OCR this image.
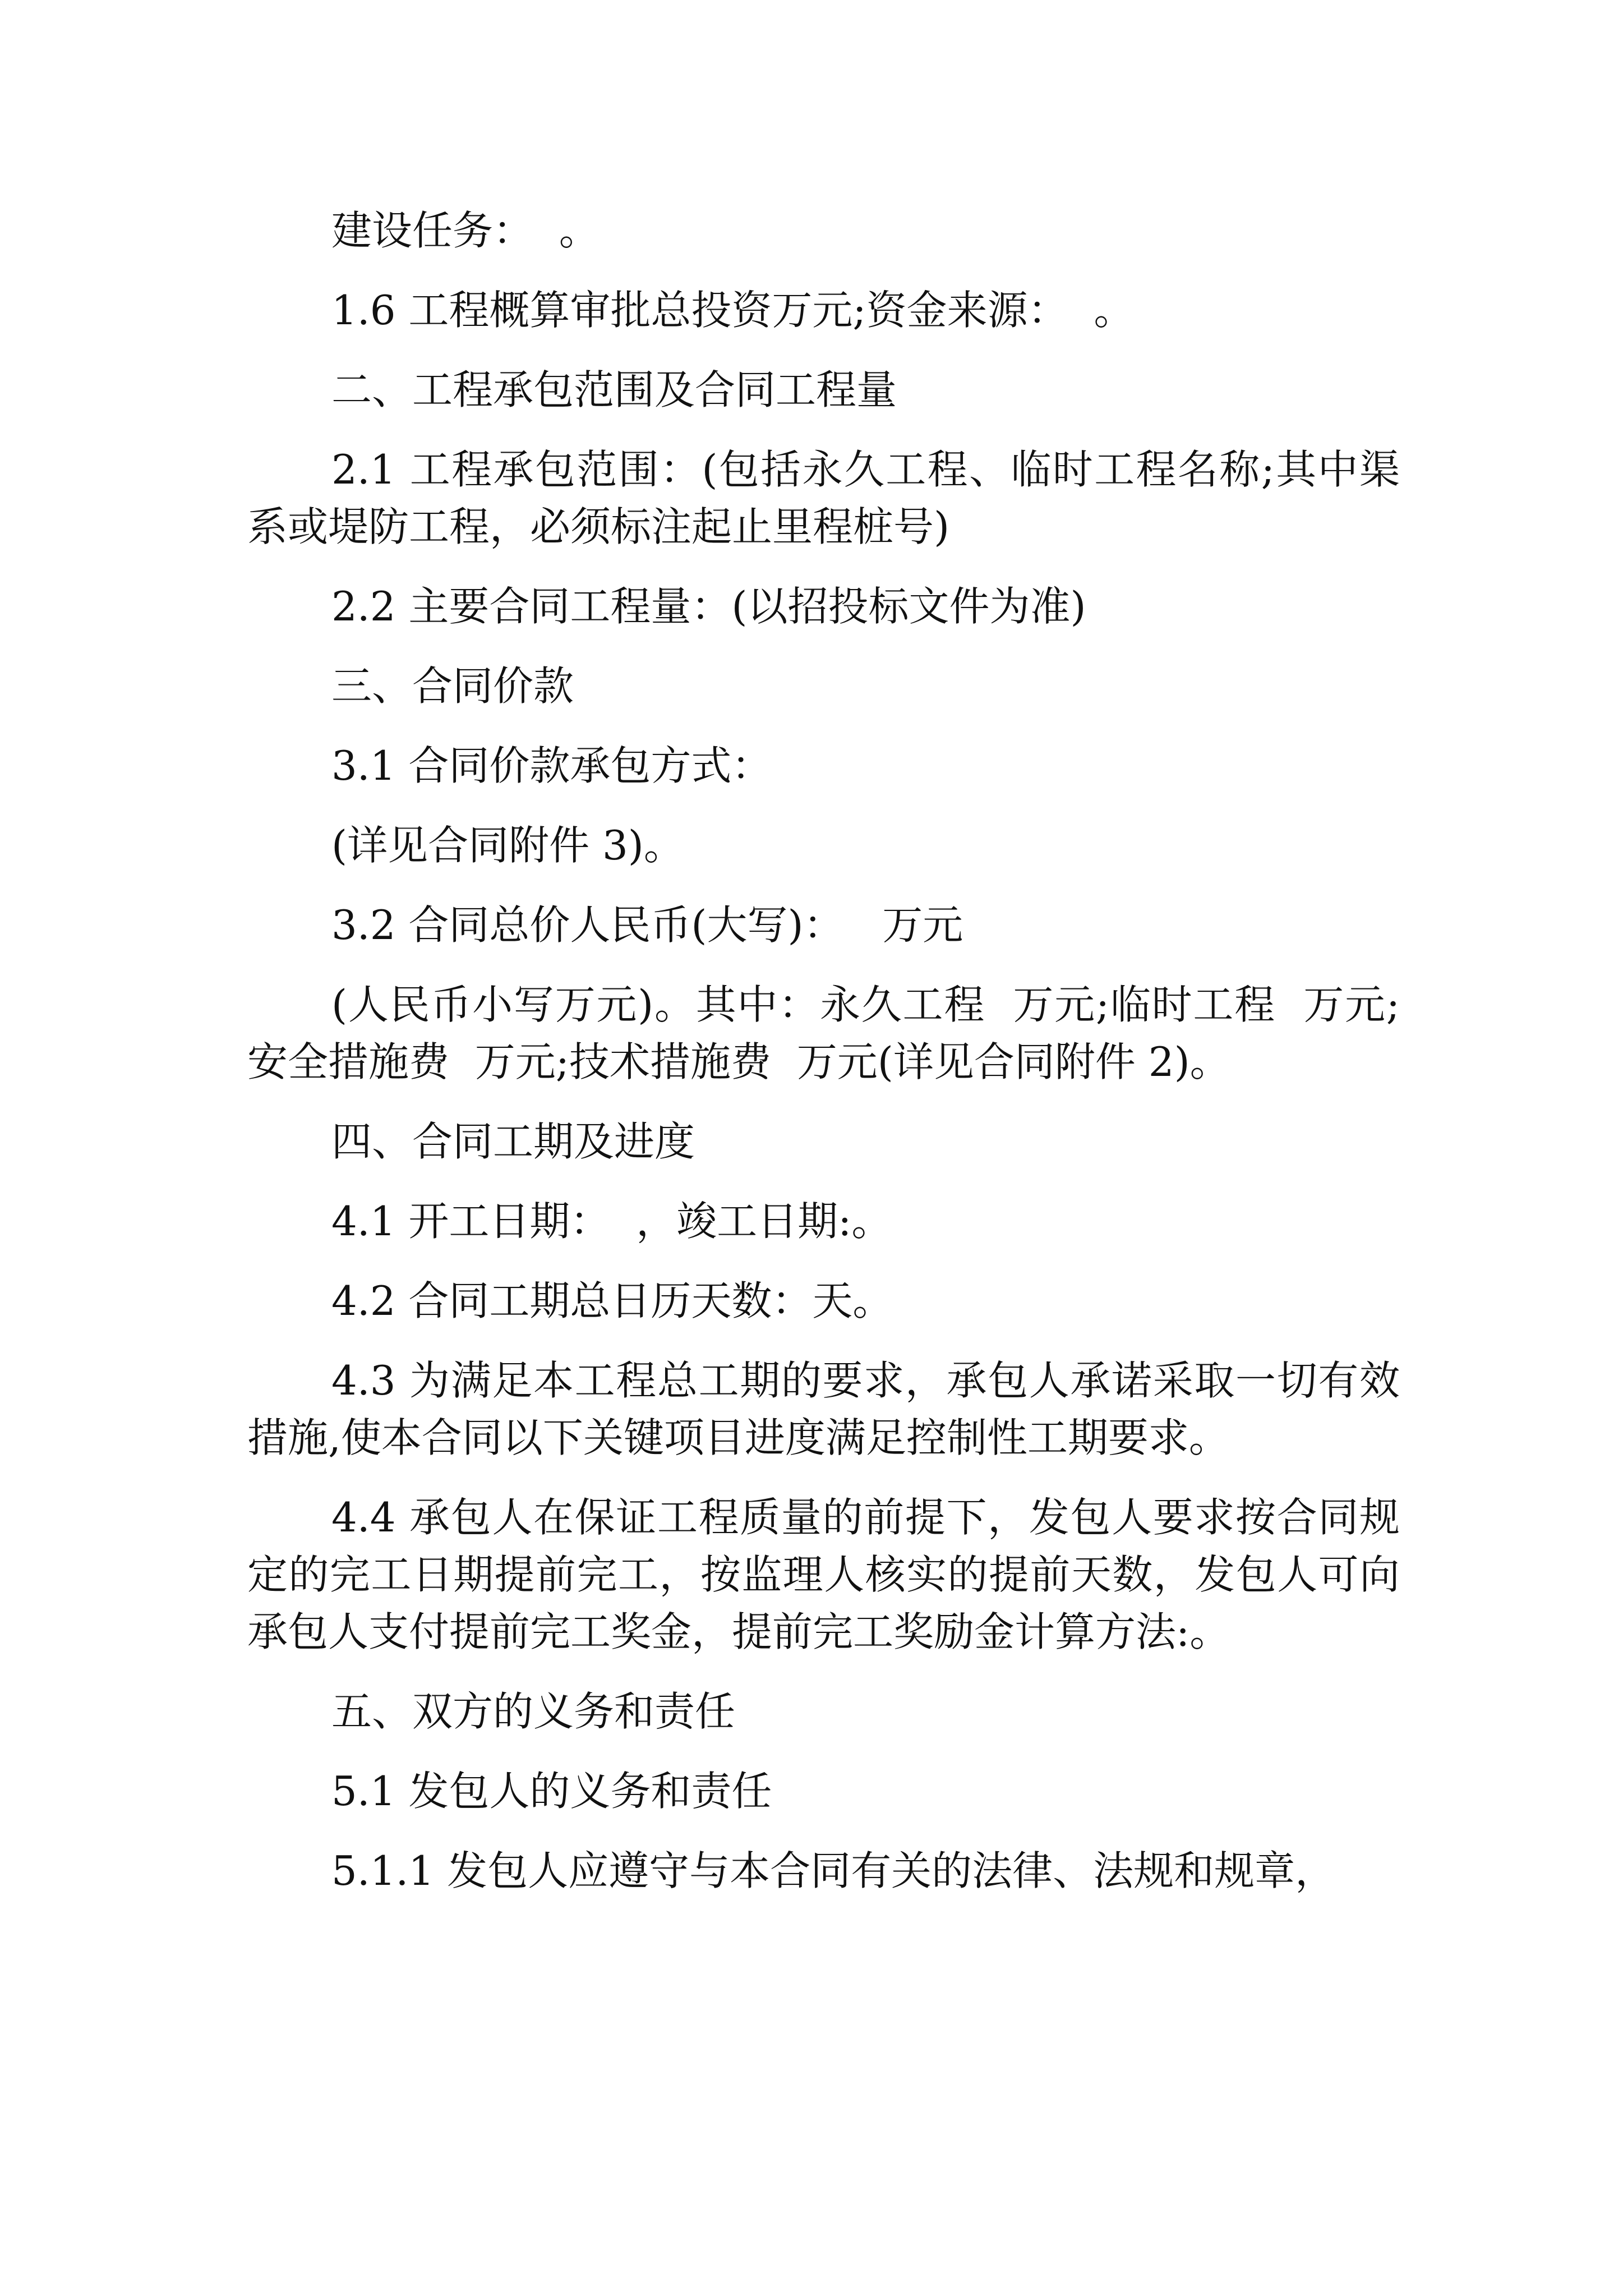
建设任务：  。

1.6 工程概算审批总投资万元;资金来源：  。

二、工程承包范围及合同工程量

2.1 工程承包范围：(包括永久工程、临时工程名称;其中渠系或堤防工程，必须标注起止里程桩号)

2.2 主要合同工程量：(以招投标文件为准)

三、合同价款

3.1 合同价款承包方式：

(详见合同附件 3)。

3.2 合同总价人民币(大写)：   万元

(人民币小写万元)。其中：永久工程  万元;临时工程  万元;安全措施费  万元;技术措施费  万元(详见合同附件 2)。

四、合同工期及进度

4.1 开工日期：  ，竣工日期:。

4.2 合同工期总日历天数：天。

4.3 为满足本工程总工期的要求，承包人承诺采取一切有效措施,使本合同以下关键项目进度满足控制性工期要求。

4.4 承包人在保证工程质量的前提下，发包人要求按合同规定的完工日期提前完工，按监理人核实的提前天数，发包人可向承包人支付提前完工奖金，提前完工奖励金计算方法:。

五、双方的义务和责任

5.1 发包人的义务和责任

5.1.1 发包人应遵守与本合同有关的法律、法规和规章，
